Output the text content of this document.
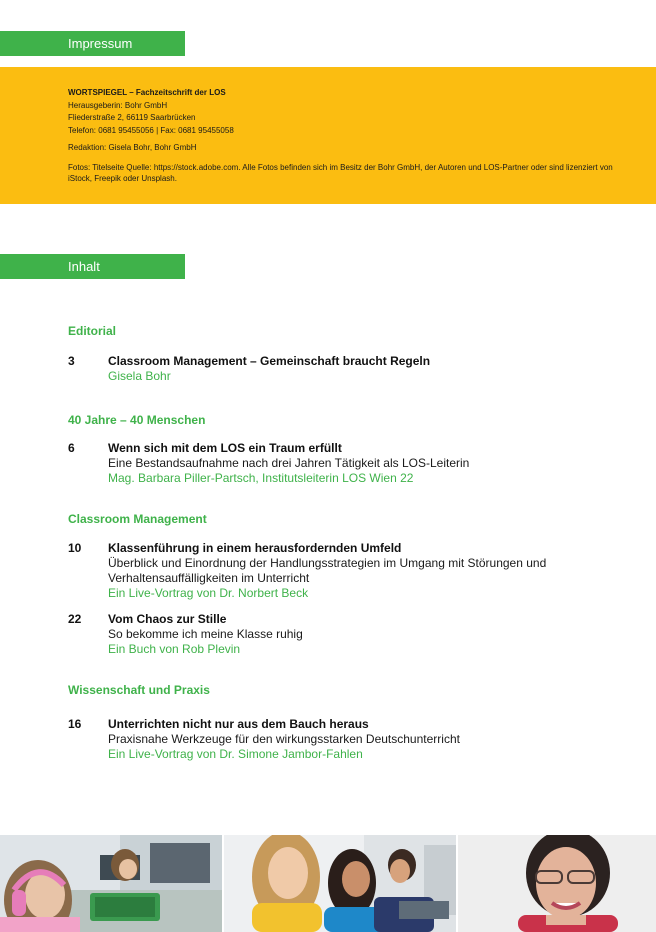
Impressum
WORTSPIEGEL – Fachzeitschrift der LOS
Herausgeberin: Bohr GmbH
Fliederstraße 2, 66119 Saarbrücken
Telefon: 0681 95455056 | Fax: 0681 95455058
Redaktion: Gisela Bohr, Bohr GmbH
Fotos: Titelseite Quelle: https://stock.adobe.com. Alle Fotos befinden sich im Besitz der Bohr GmbH, der Autoren und LOS-Partner oder sind lizenziert von iStock, Freepik oder Unsplash.
Inhalt
Editorial
3	Classroom Management – Gemeinschaft braucht Regeln
Gisela Bohr
40 Jahre – 40 Menschen
6	Wenn sich mit dem LOS ein Traum erfüllt
Eine Bestandsaufnahme nach drei Jahren Tätigkeit als LOS-Leiterin
Mag. Barbara Piller-Partsch, Institutsleiterin LOS Wien 22
Classroom Management
10 Klassenführung in einem herausfordernden Umfeld
Überblick und Einordnung der Handlungsstrategien im Umgang mit Störungen und Verhaltensauffälligkeiten im Unterricht
Ein Live-Vortrag von Dr. Norbert Beck
22 Vom Chaos zur Stille
So bekomme ich meine Klasse ruhig
Ein Buch von Rob Plevin
Wissenschaft und Praxis
16 Unterrichten nicht nur aus dem Bauch heraus
Praxisnahe Werkzeuge für den wirkungsstarken Deutschunterricht
Ein Live-Vortrag von Dr. Simone Jambor-Fahlen
